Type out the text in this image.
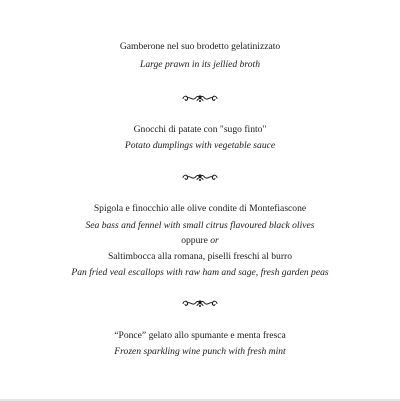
Gamberone nel suo brodetto gelatinizzato
Large prawn in its jellied broth
Gnocchi di patate con "sugo finto"
Potato dumplings with vegetable sauce
Spigola e finocchio alle olive condite di Montefiascone
Sea bass and fennel with small citrus flavoured black olives
oppure or
Saltimbocca alla romana, piselli freschi al burro
Pan fried veal escallops with raw ham and sage, fresh garden peas
“Ponce” gelato allo spumante e menta fresca
Frozen sparkling wine punch with fresh mint
